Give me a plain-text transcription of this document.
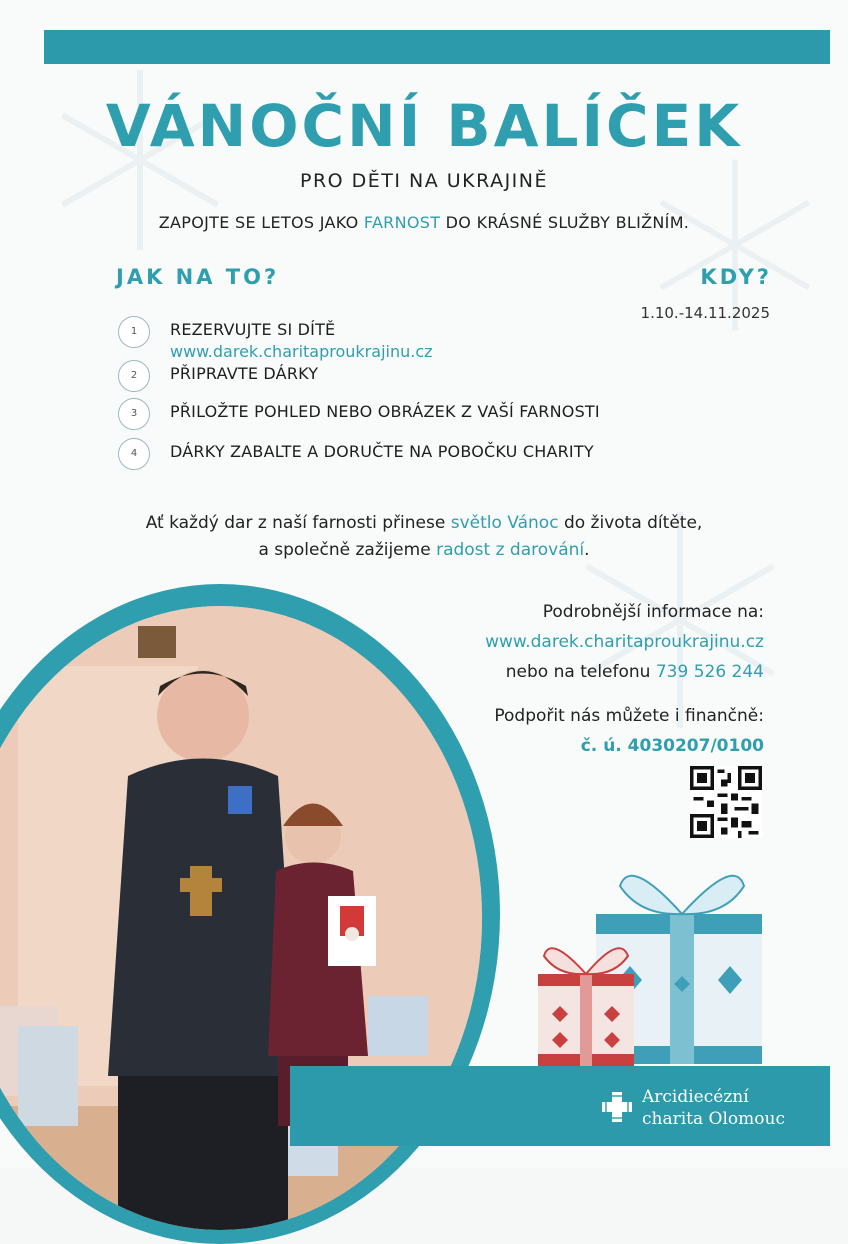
VÁNOČNÍ BALÍČEK
PRO DĚTI NA UKRAJINĚ
ZAPOJTE SE LETOS JAKO FARNOST DO KRÁSNÉ SLUŽBY BLIŽNÍM.
JAK NA TO?	KDY?
1.10.-14.11.2025
1	REZERVUJTE SI DÍTĚ
www.darek.charitaproukrajinu.cz
2	PŘIPRAVTE DÁRKY
3	PŘILOŽTE POHLED NEBO OBRÁZEK Z VAŠÍ FARNOSTI
4	DÁRKY ZABALTE A DORUČTE NA POBOČKU CHARITY
Ať každý dar z naší farnosti přinese světlo Vánoc do života dítěte,
a společně zažijeme radost z darování.
Podrobnější informace na:
www.darek.charitaproukrajinu.cz
nebo na telefonu 739 526 244
Podpořit nás můžete i finančně:
č. ú. 4030207/0100
Arcidiecézní
charita Olomouc
